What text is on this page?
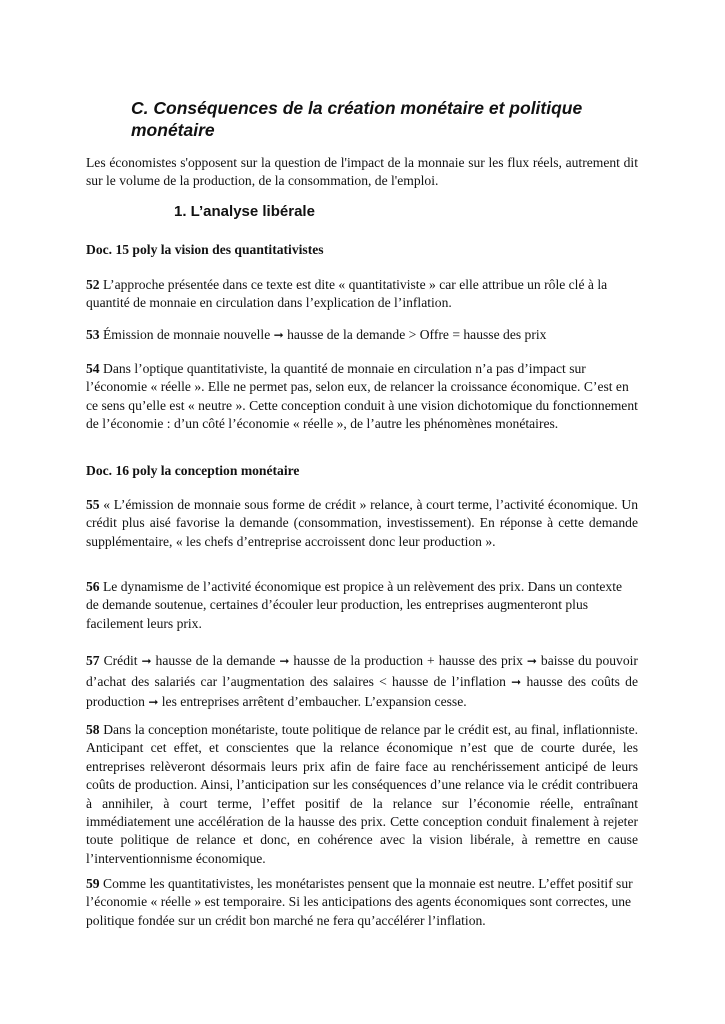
C. Conséquences de la création monétaire et politique monétaire

Les économistes s'opposent sur la question de l'impact de la monnaie sur les flux réels, autrement dit sur le volume de la production, de la consommation, de l'emploi.

1. L’analyse libérale

Doc. 15 poly la vision des quantitativistes

52 L’approche présentée dans ce texte est dite « quantitativiste » car elle attribue un rôle clé à la quantité de monnaie en circulation dans l’explication de l’inflation.

53 Émission de monnaie nouvelle ➞ hausse de la demande > Offre = hausse des prix

54 Dans l’optique quantitativiste, la quantité de monnaie en circulation n’a pas d’impact sur l’économie « réelle ». Elle ne permet pas, selon eux, de relancer la croissance économique. C’est en ce sens qu’elle est « neutre ». Cette conception conduit à une vision dichotomique du fonctionnement de l’économie : d’un côté l’économie « réelle », de l’autre les phénomènes monétaires.

Doc. 16 poly la conception monétaire

55 « L’émission de monnaie sous forme de crédit » relance, à court terme, l’activité économique. Un crédit plus aisé favorise la demande (consommation, investissement). En réponse à cette demande supplémentaire, « les chefs d’entreprise accroissent donc leur production ».

56 Le dynamisme de l’activité économique est propice à un relèvement des prix. Dans un contexte de demande soutenue, certaines d’écouler leur production, les entreprises augmenteront plus facilement leurs prix.

57 Crédit ➞ hausse de la demande ➞ hausse de la production + hausse des prix ➞ baisse du pouvoir d’achat des salariés car l’augmentation des salaires < hausse de l’inflation ➞ hausse des coûts de production ➞ les entreprises arrêtent d’embaucher. L’expansion cesse.

58 Dans la conception monétariste, toute politique de relance par le crédit est, au final, inflationniste. Anticipant cet effet, et conscientes que la relance économique n’est que de courte durée, les entreprises relèveront désormais leurs prix afin de faire face au renchérissement anticipé de leurs coûts de production. Ainsi, l’anticipation sur les conséquences d’une relance via le crédit contribuera à annihiler, à court terme, l’effet positif de la relance sur l’économie réelle, entraînant immédiatement une accélération de la hausse des prix. Cette conception conduit finalement à rejeter toute politique de relance et donc, en cohérence avec la vision libérale, à remettre en cause l’interventionnisme économique.

59 Comme les quantitativistes, les monétaristes pensent que la monnaie est neutre. L’effet positif sur l’économie « réelle » est temporaire. Si les anticipations des agents économiques sont correctes, une politique fondée sur un crédit bon marché ne fera qu’accélérer l’inflation.
